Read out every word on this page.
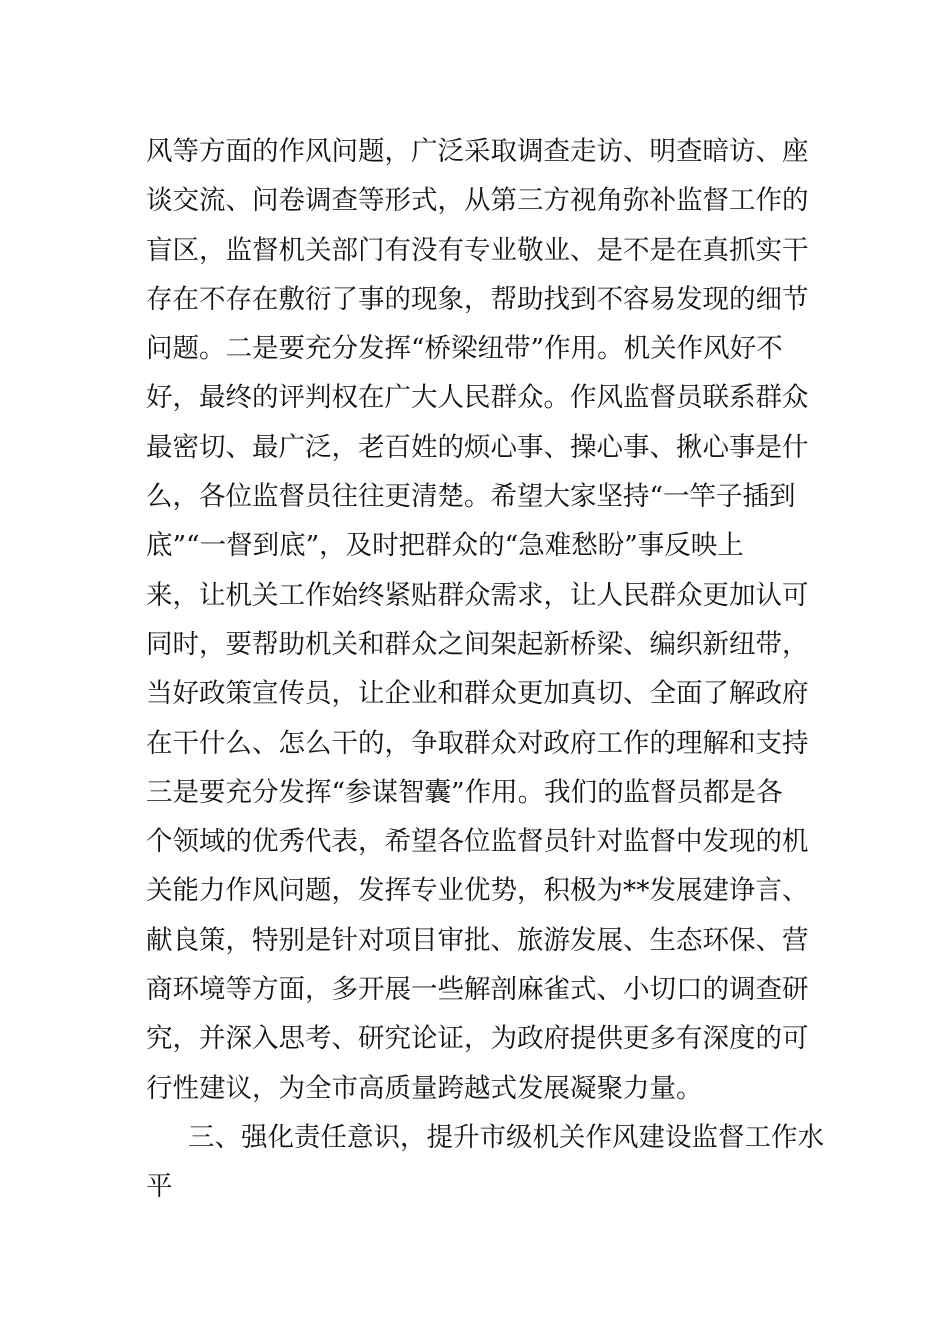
风等方面的作风问题，广泛采取调查走访、明查暗访、座
谈交流、问卷调查等形式，从第三方视角弥补监督工作的
盲区，监督机关部门有没有专业敬业、是不是在真抓实干
存在不存在敷衍了事的现象，帮助找到不容易发现的细节
问题。二是要充分发挥“桥梁纽带”作用。机关作风好不
好，最终的评判权在广大人民群众。作风监督员联系群众
最密切、最广泛，老百姓的烦心事、操心事、揪心事是什
么，各位监督员往往更清楚。希望大家坚持“一竿子插到
底”“一督到底”，及时把群众的“急难愁盼”事反映上
来，让机关工作始终紧贴群众需求，让人民群众更加认可
同时，要帮助机关和群众之间架起新桥梁、编织新纽带，
当好政策宣传员，让企业和群众更加真切、全面了解政府
在干什么、怎么干的，争取群众对政府工作的理解和支持
三是要充分发挥“参谋智囊”作用。我们的监督员都是各
个领域的优秀代表，希望各位监督员针对监督中发现的机
关能力作风问题，发挥专业优势，积极为**发展建诤言、
献良策，特别是针对项目审批、旅游发展、生态环保、营
商环境等方面，多开展一些解剖麻雀式、小切口的调查研
究，并深入思考、研究论证，为政府提供更多有深度的可
行性建议，为全市高质量跨越式发展凝聚力量。
三、强化责任意识，提升市级机关作风建设监督工作水
平
